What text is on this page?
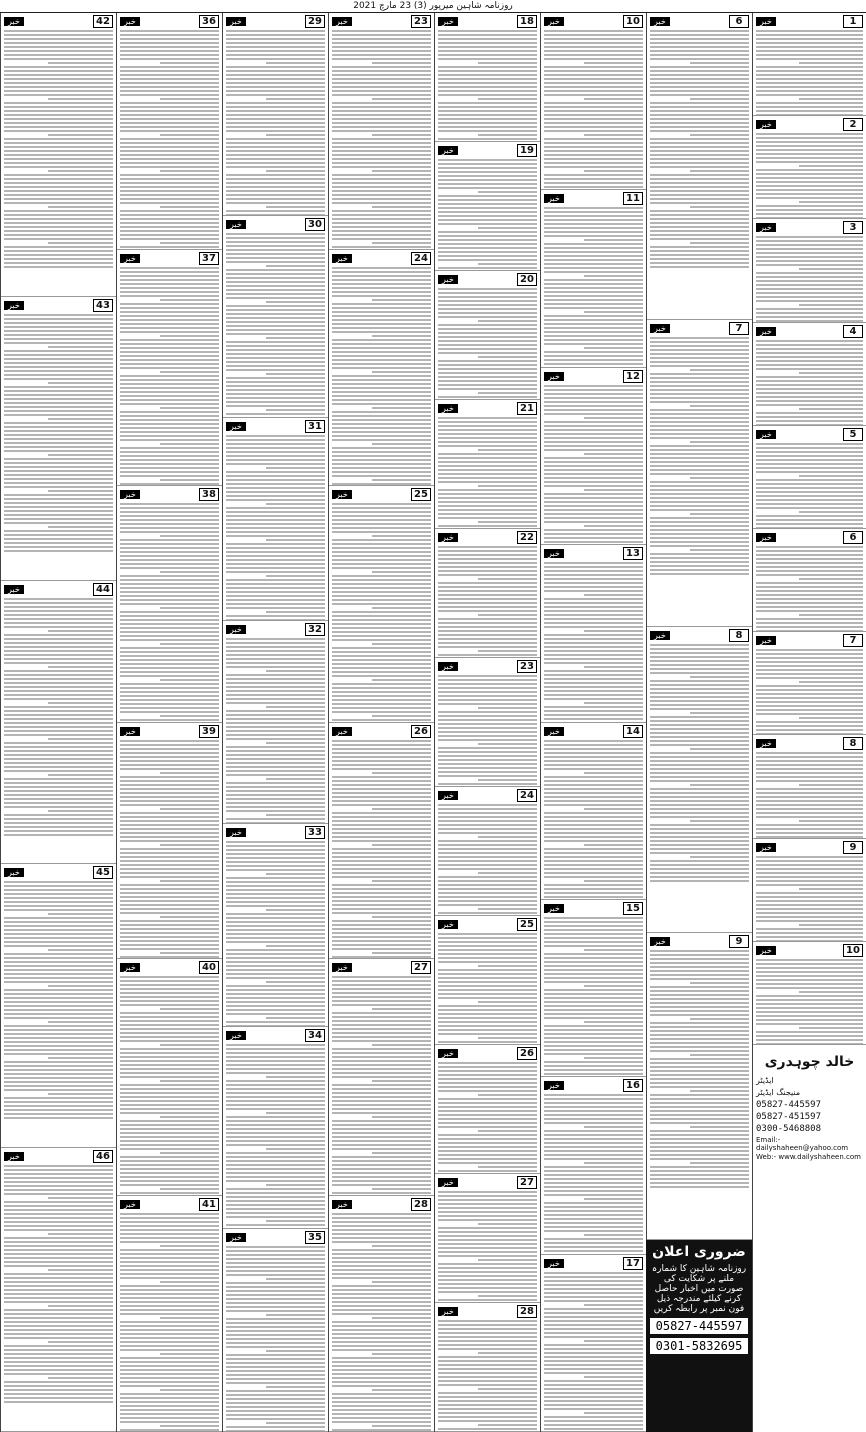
روزنامہ شاہین میرپور (3) 23 مارچ 2021
خبر	1
خبر	2
خبر	3
خبر	4
خبر	5
خبر	6
خبر	7
خبر	8
خبر	9
خبر	10
خبر	6
خبر	7
خبر	8
خبر	9
خبر	10
خبر	11
خبر	12
خبر	13
خبر	14
خبر	15
خبر	16
خبر	17
خبر	18
خبر	19
خبر	20
خبر	21
خبر	22
خبر	23
خبر	24
خبر	25
خبر	26
خبر	27
خبر	28
خبر	23
خبر	24
خبر	25
خبر	26
خبر	27
خبر	28
خبر	29
خبر	30
خبر	31
خبر	32
خبر	33
خبر	34
خبر	35
خبر	36
خبر	37
خبر	38
خبر	39
خبر	40
خبر	41
خبر	42
خبر	43
خبر	44
خبر	45
خبر	46
ضروری اعلان
روزنامہ شاہین کا شمارہ ملنے پر شکایت کی صورت میں اخبار حاصل کرنے کیلئے مندرجہ ذیل فون نمبر پر رابطہ کریں
05827-445597
0301-5832695
خالد چوہدری
ایڈیٹر
منیجنگ ایڈیٹر
05827-445597
05827-451597
0300-5468808
Email:- dailyshaheen@yahoo.com
Web:- www.dailyshaheen.com
